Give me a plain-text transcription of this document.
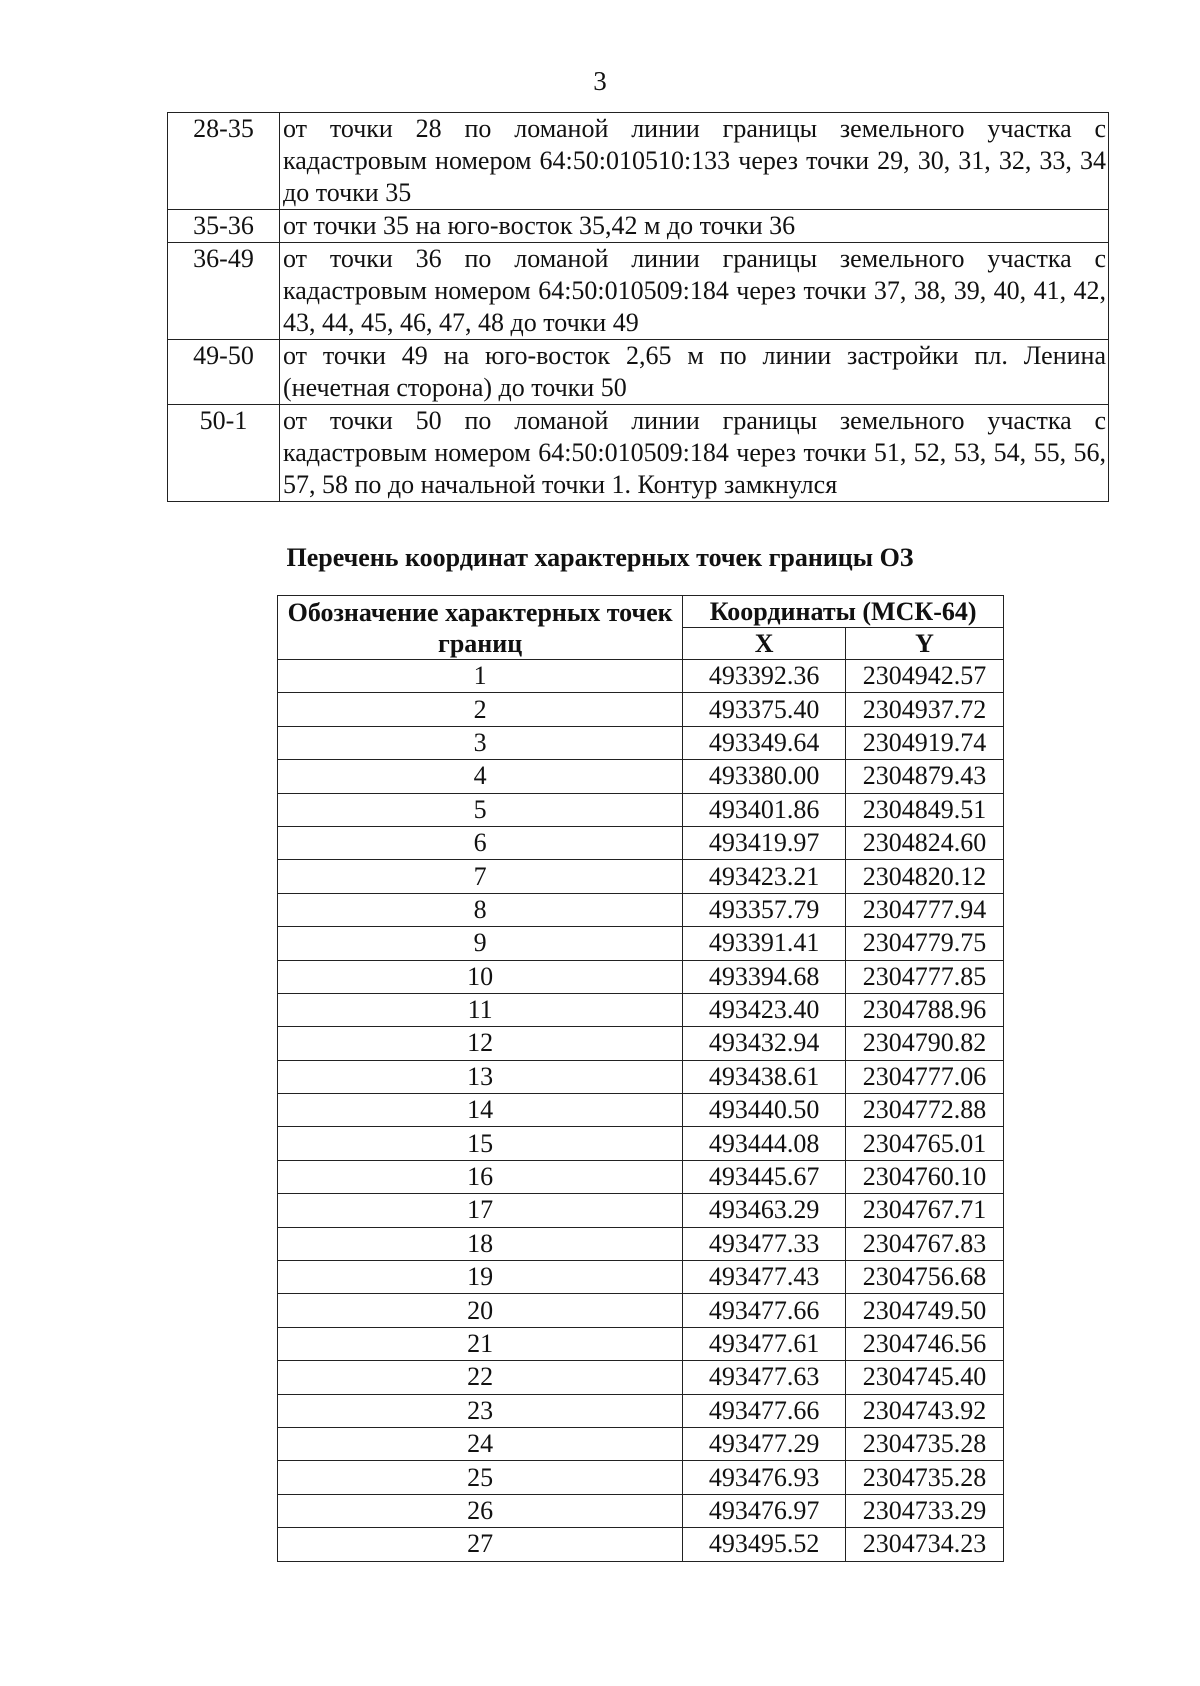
3
28-35	от точки 28 по ломаной линии границы земельного участка с кадастровым номером 64:50:010510:133 через точки 29, 30, 31, 32, 33, 34 до точки 35
35-36	от точки 35 на юго-восток 35,42 м до точки 36
36-49	от точки 36 по ломаной линии границы земельного участка с кадастровым номером 64:50:010509:184 через точки 37, 38, 39, 40, 41, 42, 43, 44, 45, 46, 47, 48 до точки 49
49-50	от точки 49 на юго-восток 2,65 м по линии застройки пл. Ленина (нечетная сторона) до точки 50
50-1	от точки 50 по ломаной линии границы земельного участка с кадастровым номером 64:50:010509:184 через точки 51, 52, 53, 54, 55, 56, 57, 58 по до начальной точки 1. Контур замкнулся
Перечень координат характерных точек границы ОЗ
Обозначение характерных точек границ	Координаты (МСК-64)	
	X	Y
1	493392.36	2304942.57
2	493375.40	2304937.72
3	493349.64	2304919.74
4	493380.00	2304879.43
5	493401.86	2304849.51
6	493419.97	2304824.60
7	493423.21	2304820.12
8	493357.79	2304777.94
9	493391.41	2304779.75
10	493394.68	2304777.85
11	493423.40	2304788.96
12	493432.94	2304790.82
13	493438.61	2304777.06
14	493440.50	2304772.88
15	493444.08	2304765.01
16	493445.67	2304760.10
17	493463.29	2304767.71
18	493477.33	2304767.83
19	493477.43	2304756.68
20	493477.66	2304749.50
21	493477.61	2304746.56
22	493477.63	2304745.40
23	493477.66	2304743.92
24	493477.29	2304735.28
25	493476.93	2304735.28
26	493476.97	2304733.29
27	493495.52	2304734.23
